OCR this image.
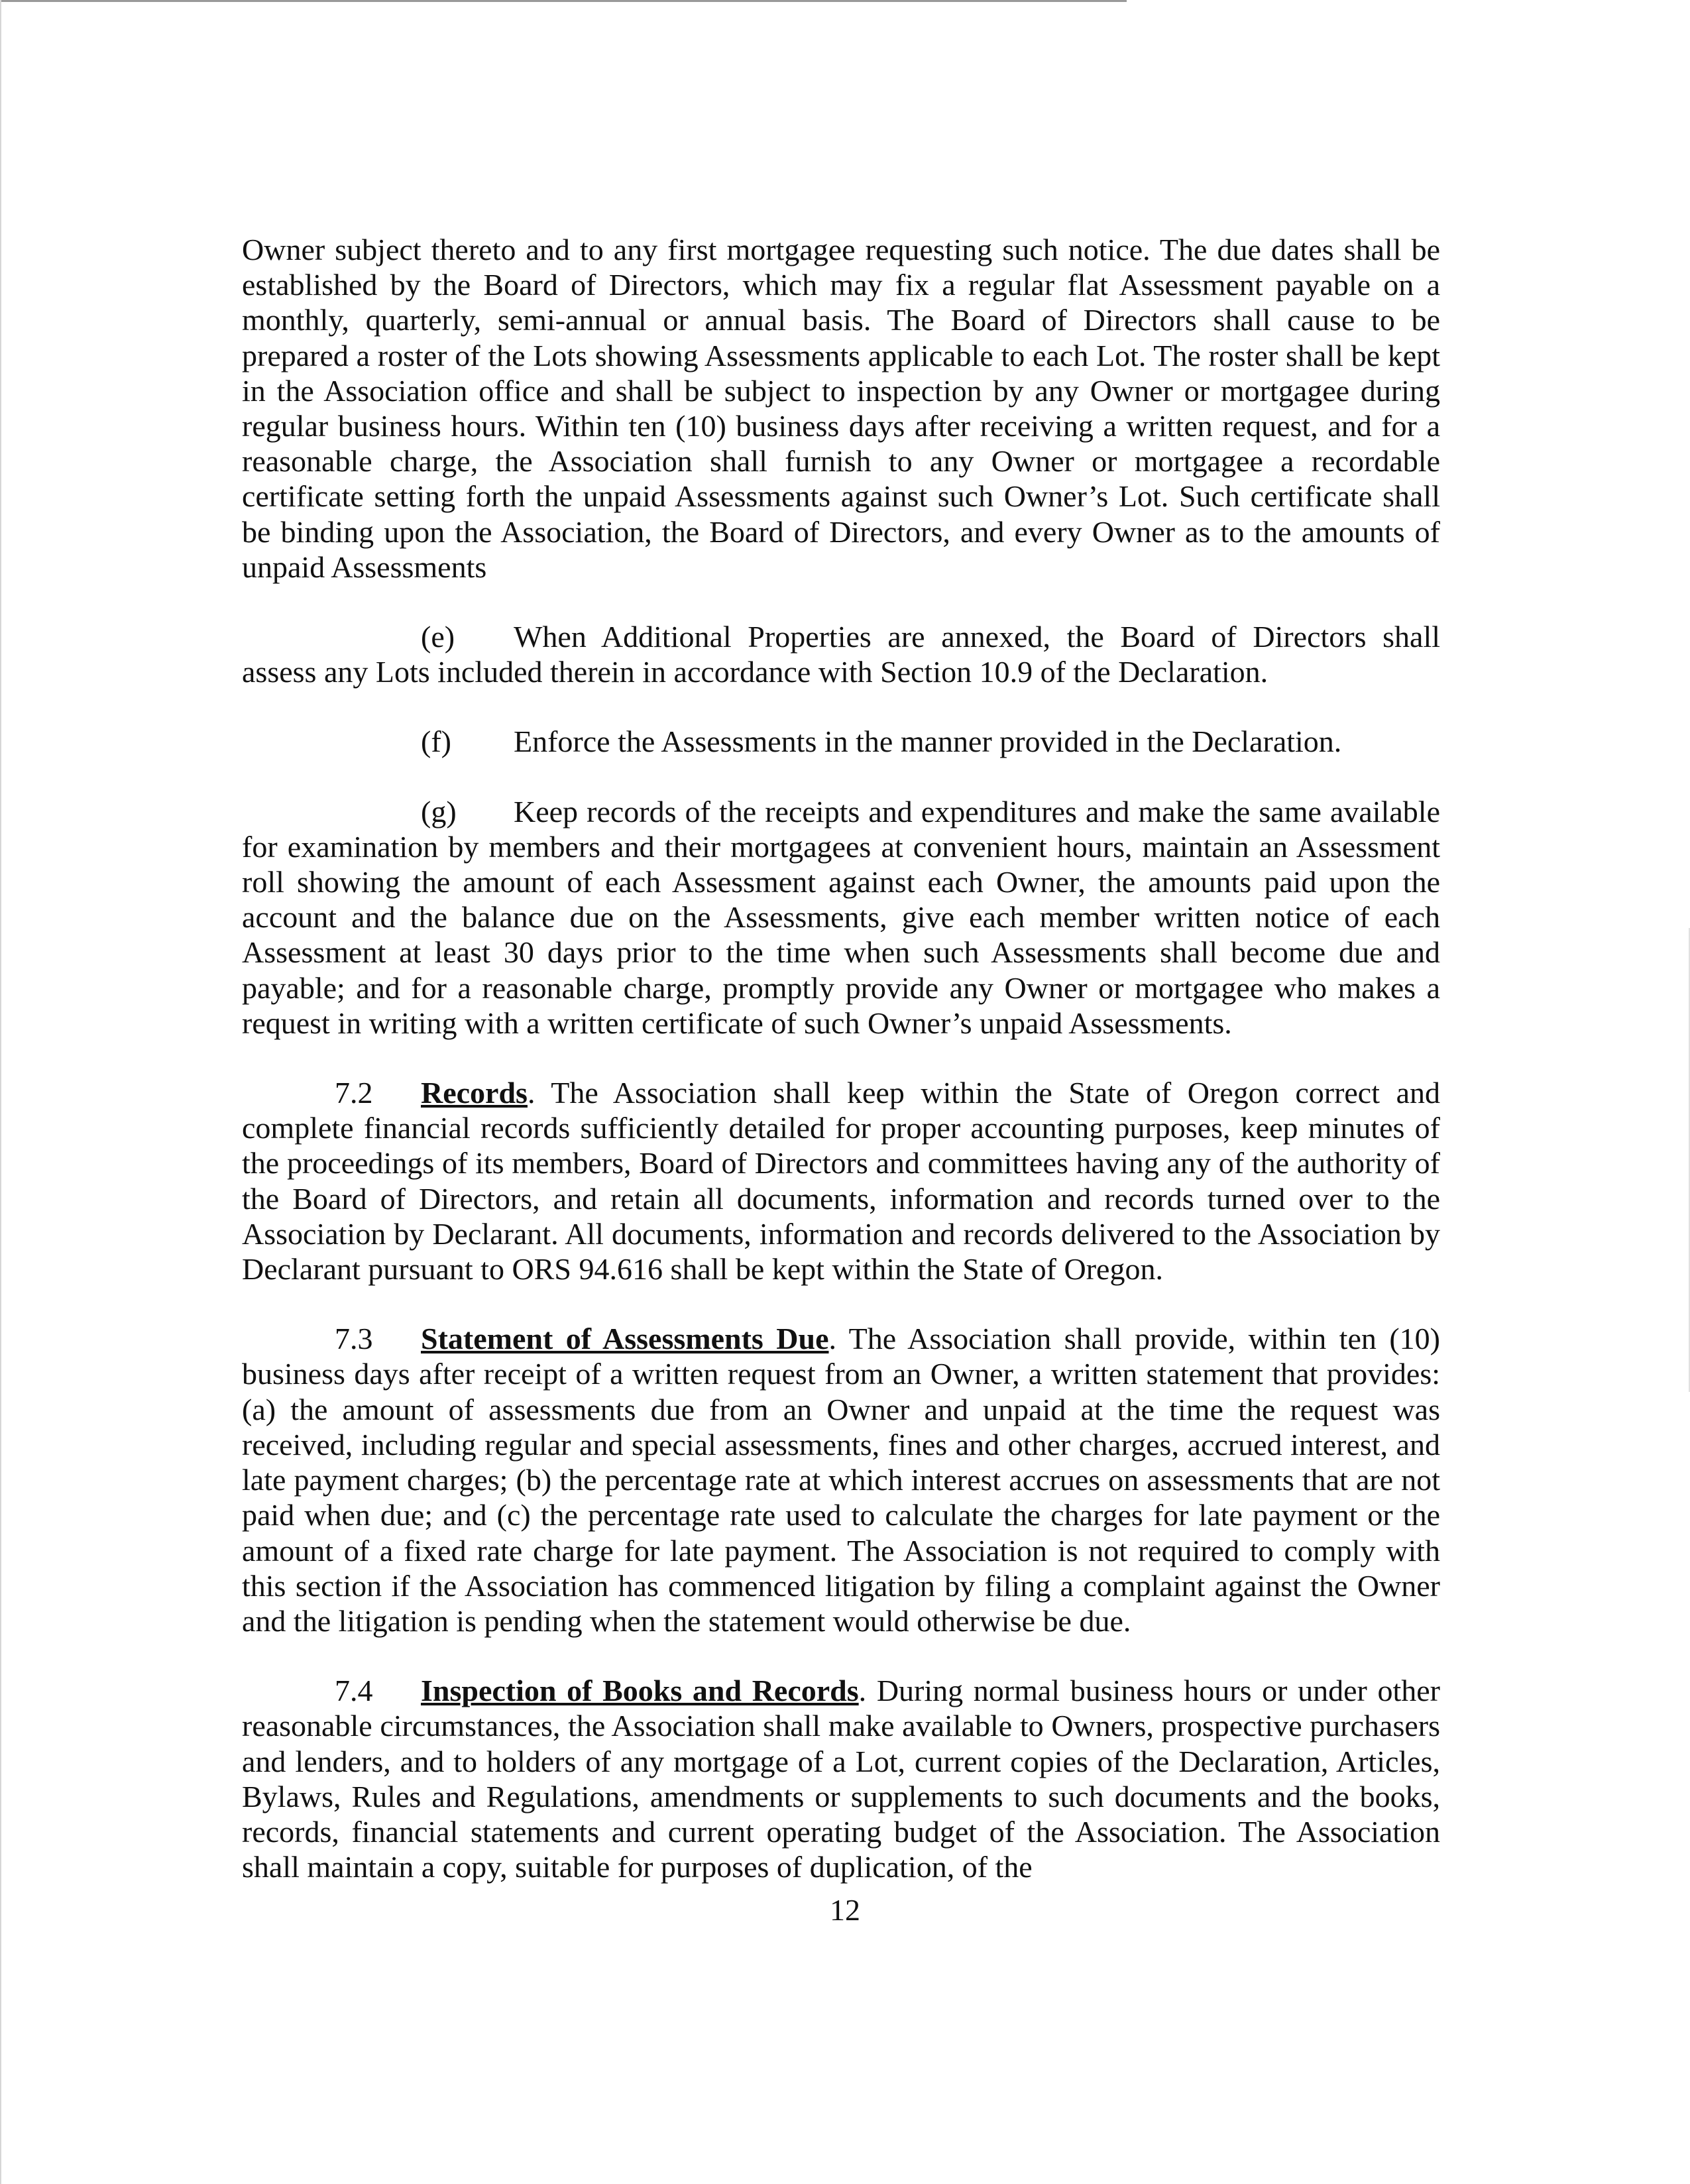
Owner subject thereto and to any first mortgagee requesting such notice. The due dates shall be established by the Board of Directors, which may fix a regular flat Assessment payable on a monthly, quarterly, semi-annual or annual basis. The Board of Directors shall cause to be prepared a roster of the Lots showing Assessments applicable to each Lot. The roster shall be kept in the Association office and shall be subject to inspection by any Owner or mortgagee during regular business hours. Within ten (10) business days after receiving a written request, and for a reasonable charge, the Association shall furnish to any Owner or mortgagee a recordable certificate setting forth the unpaid Assessments against such Owner’s Lot. Such certificate shall be binding upon the Association, the Board of Directors, and every Owner as to the amounts of unpaid Assessments

(e) When Additional Properties are annexed, the Board of Directors shall assess any Lots included therein in accordance with Section 10.9 of the Declaration.

(f) Enforce the Assessments in the manner provided in the Declaration.

(g) Keep records of the receipts and expenditures and make the same available for examination by members and their mortgagees at convenient hours, maintain an Assessment roll showing the amount of each Assessment against each Owner, the amounts paid upon the account and the balance due on the Assessments, give each member written notice of each Assessment at least 30 days prior to the time when such Assessments shall become due and payable; and for a reasonable charge, promptly provide any Owner or mortgagee who makes a request in writing with a written certificate of such Owner’s unpaid Assessments.

7.2 Records. The Association shall keep within the State of Oregon correct and complete financial records sufficiently detailed for proper accounting purposes, keep minutes of the proceedings of its members, Board of Directors and committees having any of the authority of the Board of Directors, and retain all documents, information and records turned over to the Association by Declarant. All documents, information and records delivered to the Association by Declarant pursuant to ORS 94.616 shall be kept within the State of Oregon.

7.3 Statement of Assessments Due. The Association shall provide, within ten (10) business days after receipt of a written request from an Owner, a written statement that provides: (a) the amount of assessments due from an Owner and unpaid at the time the request was received, including regular and special assessments, fines and other charges, accrued interest, and late payment charges; (b) the percentage rate at which interest accrues on assessments that are not paid when due; and (c) the percentage rate used to calculate the charges for late payment or the amount of a fixed rate charge for late payment. The Association is not required to comply with this section if the Association has commenced litigation by filing a complaint against the Owner and the litigation is pending when the statement would otherwise be due.

7.4 Inspection of Books and Records. During normal business hours or under other reasonable circumstances, the Association shall make available to Owners, prospective purchasers and lenders, and to holders of any mortgage of a Lot, current copies of the Declaration, Articles, Bylaws, Rules and Regulations, amendments or supplements to such documents and the books, records, financial statements and current operating budget of the Association. The Association shall maintain a copy, suitable for purposes of duplication, of the

12
